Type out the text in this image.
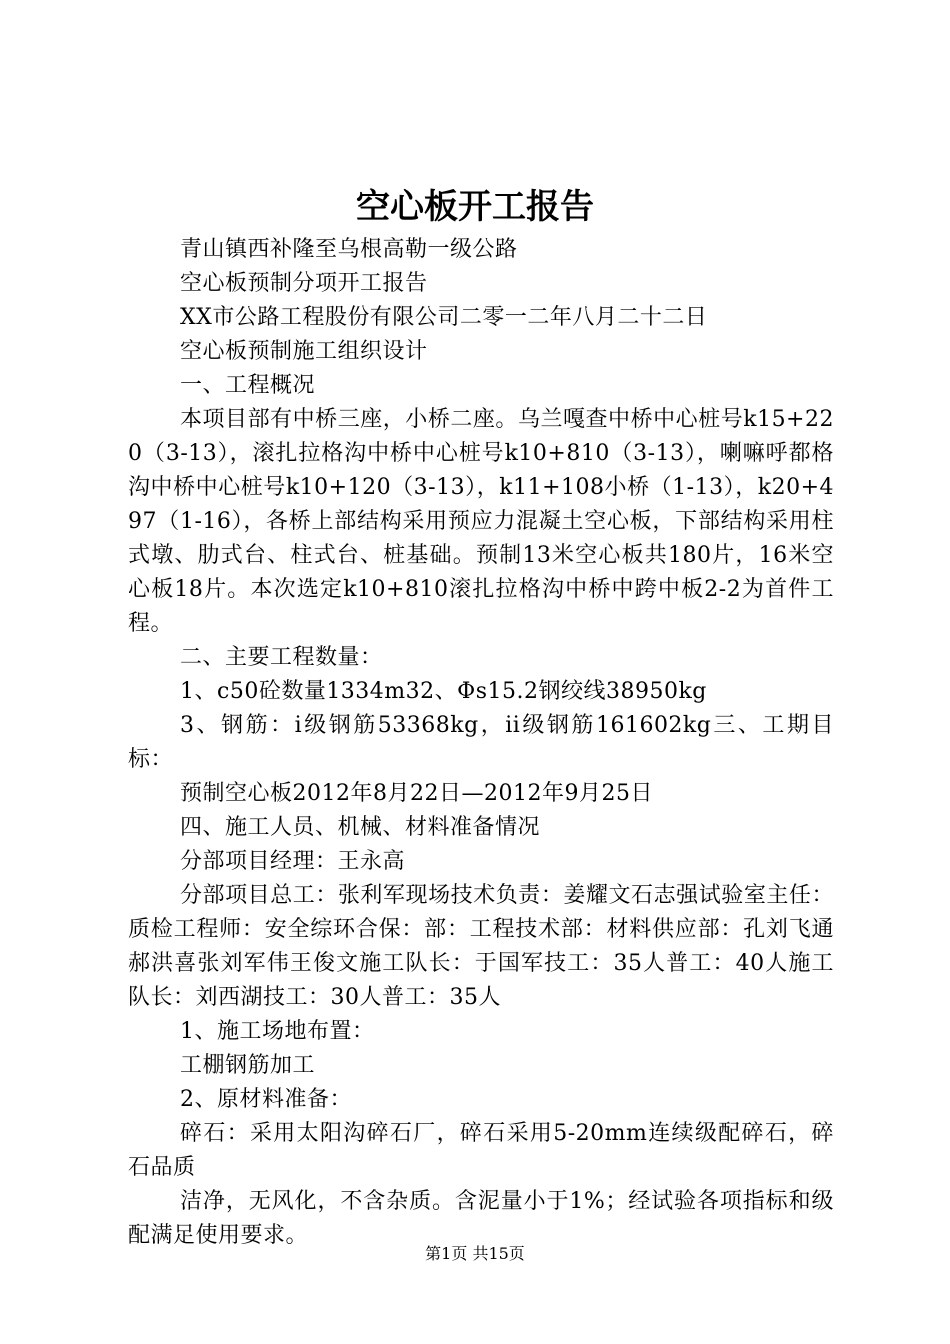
空心板开工报告

青山镇西补隆至乌根高勒一级公路

空心板预制分项开工报告

XX市公路工程股份有限公司二零一二年八月二十二日

空心板预制施工组织设计

一、工程概况

本项目部有中桥三座，小桥二座。乌兰嘎查中桥中心桩号k15+220（3-13），滚扎拉格沟中桥中心桩号k10+810（3-13），喇嘛呼都格沟中桥中心桩号k10+120（3-13），k11+108小桥（1-13），k20+497（1-16），各桥上部结构采用预应力混凝土空心板，下部结构采用柱式墩、肋式台、柱式台、桩基础。预制13米空心板共180片，16米空心板18片。本次选定k10+810滚扎拉格沟中桥中跨中板2-2为首件工程。

二、主要工程数量：

1、c50砼数量1334m32、Φs15.2钢绞线38950kg

3、钢筋：i级钢筋53368kg，ii级钢筋161602kg三、工期目标：

预制空心板2012年8月22日—2012年9月25日

四、施工人员、机械、材料准备情况

分部项目经理：王永高

分部项目总工：张利军现场技术负责：姜耀文石志强试验室主任：质检工程师：安全综环合保：部：工程技术部：材料供应部：孔刘飞通郝洪喜张刘军伟王俊文施工队长：于国军技工：35人普工：40人施工队长：刘西湖技工：30人普工：35人

1、施工场地布置：

工棚钢筋加工

2、原材料准备：

碎石：采用太阳沟碎石厂，碎石采用5-20mm连续级配碎石，碎石品质

洁净，无风化，不含杂质。含泥量小于1%；经试验各项指标和级配满足使用要求。

第1页 共15页
